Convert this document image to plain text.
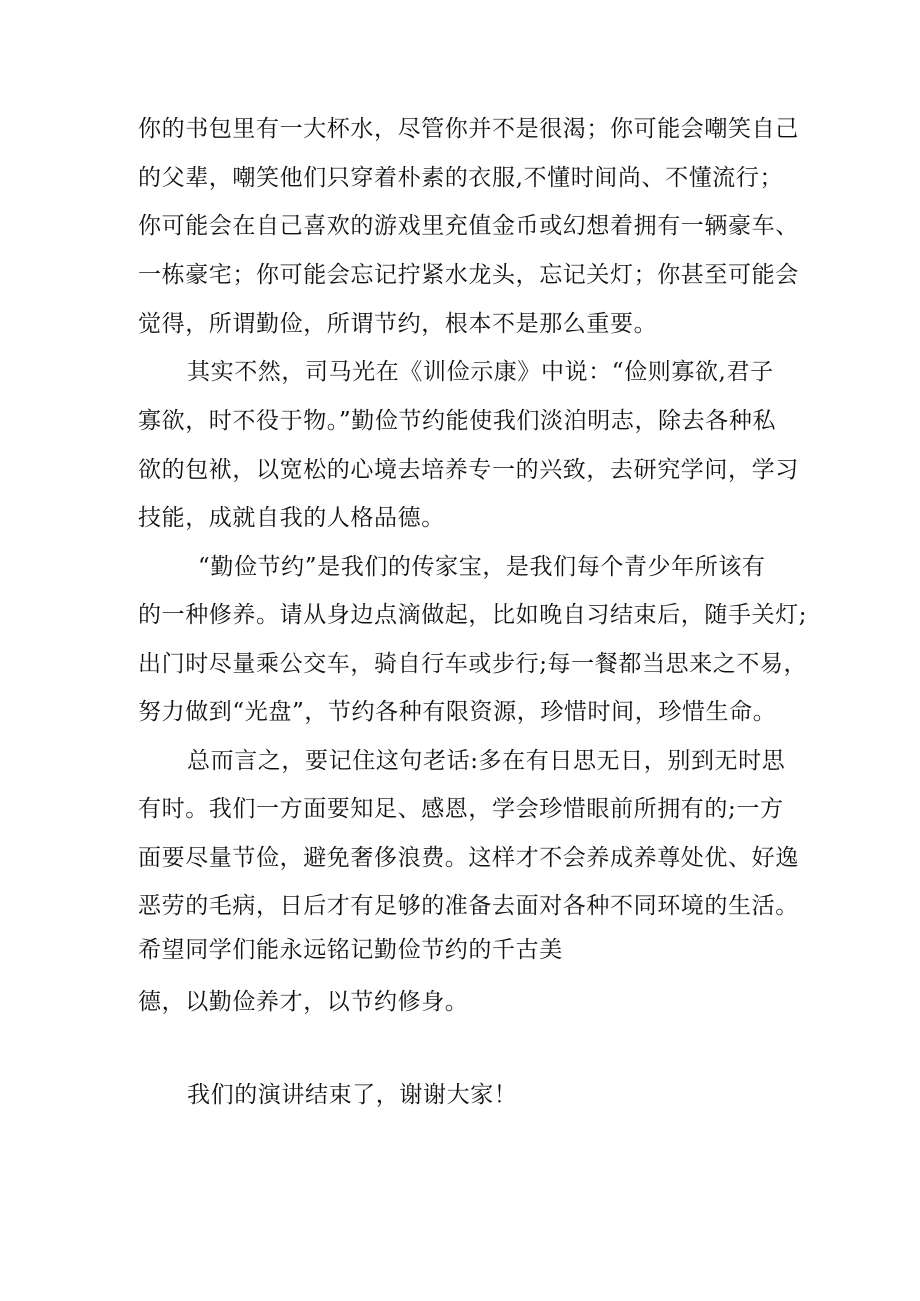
你的书包里有一大杯水，尽管你并不是很渴；你可能会嘲笑自己
的父辈，嘲笑他们只穿着朴素的衣服,不懂时间尚、不懂流行；
你可能会在自己喜欢的游戏里充值金币或幻想着拥有一辆豪车、
一栋豪宅；你可能会忘记拧紧水龙头，忘记关灯；你甚至可能会
觉得，所谓勤俭，所谓节约，根本不是那么重要。
其实不然，司马光在《训俭示康》中说：“俭则寡欲,君子
寡欲，时不役于物。”勤俭节约能使我们淡泊明志，除去各种私
欲的包袱，以宽松的心境去培养专一的兴致，去研究学问，学习
技能，成就自我的人格品德。
“勤俭节约”是我们的传家宝，是我们每个青少年所该有
的一种修养。请从身边点滴做起，比如晚自习结束后，随手关灯;
出门时尽量乘公交车，骑自行车或步行;每一餐都当思来之不易，
努力做到“光盘”，节约各种有限资源，珍惜时间，珍惜生命。
总而言之，要记住这句老话:多在有日思无日，别到无时思
有时。我们一方面要知足、感恩，学会珍惜眼前所拥有的;一方
面要尽量节俭，避免奢侈浪费。这样才不会养成养尊处优、好逸
恶劳的毛病，日后才有足够的准备去面对各种不同环境的生活。
希望同学们能永远铭记勤俭节约的千古美
德，以勤俭养才，以节约修身。
我们的演讲结束了，谢谢大家！
